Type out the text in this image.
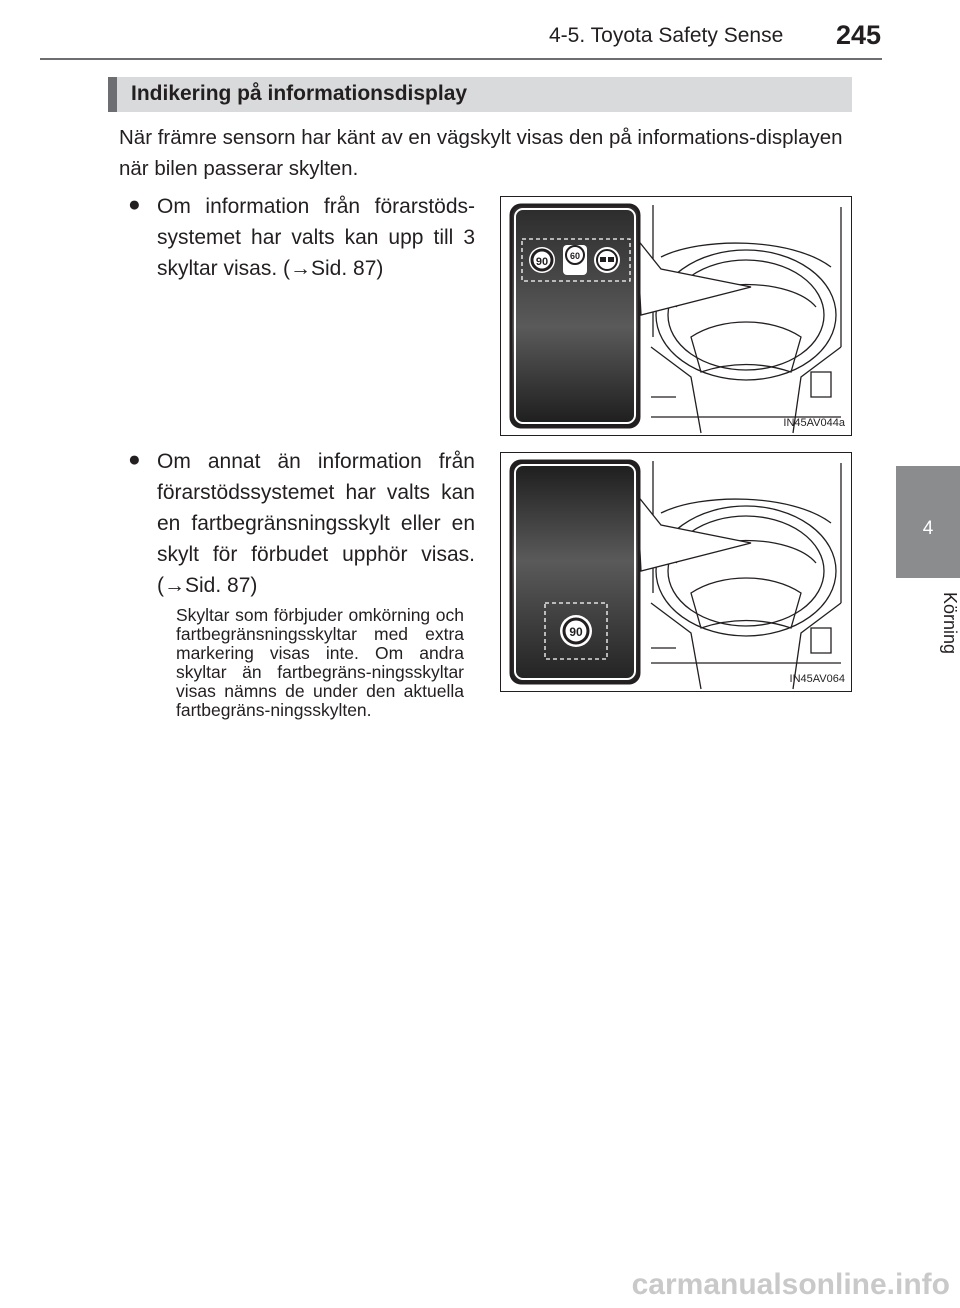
4-5. Toyota Safety Sense 245
4
Körning
Indikering på informationsdisplay
När främre sensorn har känt av en vägskylt visas den på informations-displayen när bilen passerar skylten.
● Om information från förarstöds-systemet har valts kan upp till 3 skyltar visas. (→Sid. 87)
● Om annat än information från förarstödssystemet har valts kan en fartbegränsningsskylt eller en skylt för förbudet upphör visas. (→Sid. 87)
Skyltar som förbjuder omkörning och fartbegränsningsskyltar med extra markering visas inte. Om andra skyltar än fartbegräns-ningsskyltar visas nämns de under den aktuella fartbegräns-ningsskylten.
90 60
IN45AV044a
90
IN45AV064
carmanualsonline.info
